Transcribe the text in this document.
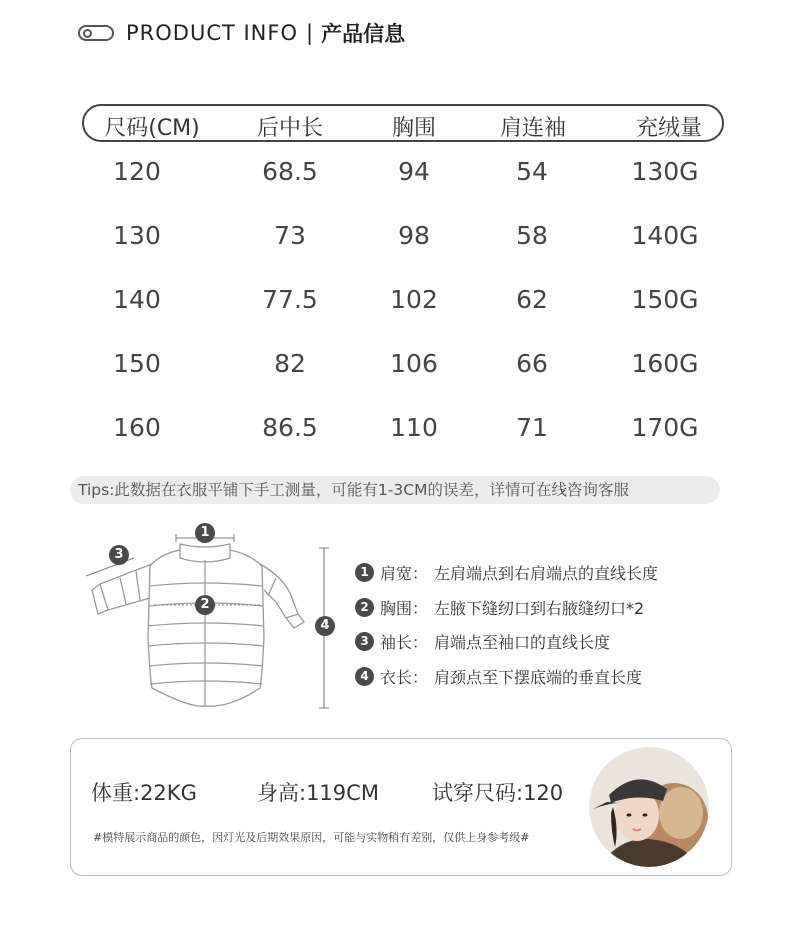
PRODUCT INFO | 产品信息
尺码(CM)	后中长	胸围	肩连袖	充绒量
120	68.5	94	54	130G
130	73	98	58	140G
140	77.5	102	62	150G
150	82	106	66	160G
160	86.5	110	71	170G
Tips:此数据在衣服平铺下手工测量，可能有1-3CM的误差，详情可在线咨询客服
1
2
3
4
1 肩宽： 左肩端点到右肩端点的直线长度
2 胸围： 左腋下缝纫口到右腋缝纫口*2
3 袖长： 肩端点至袖口的直线长度
4 衣长： 肩颈点至下摆底端的垂直长度
体重:22KG	身高:119CM	试穿尺码:120
#模特展示商品的颜色，因灯光及后期效果原因，可能与实物稍有差别，仅供上身参考级#
